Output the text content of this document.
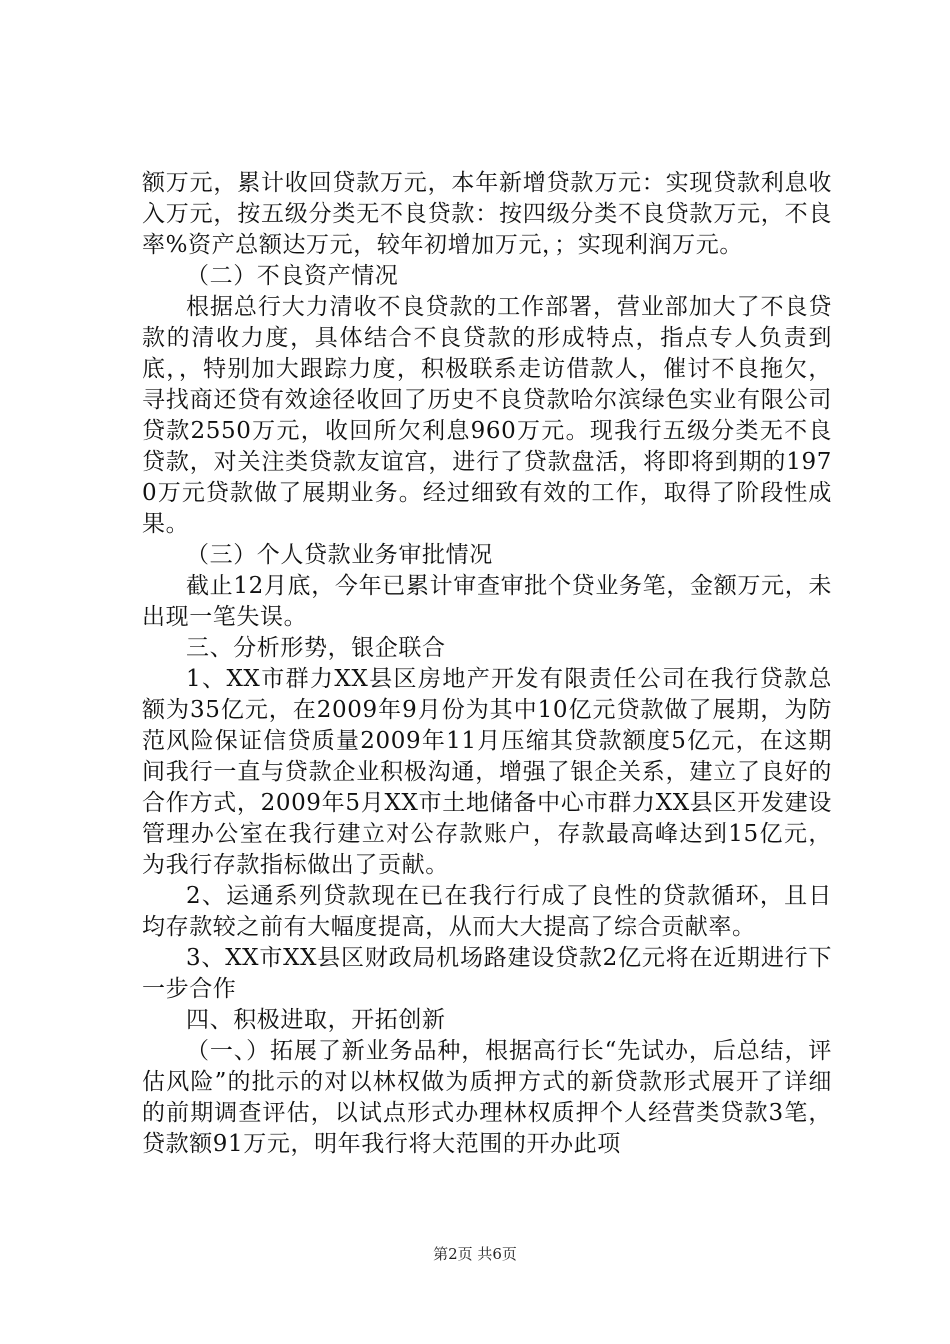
额万元，累计收回贷款万元，本年新增贷款万元：实现贷款利息收入万元，按五级分类无不良贷款：按四级分类不良贷款万元，不良率%资产总额达万元，较年初增加万元，；实现利润万元。

（二）不良资产情况

根据总行大力清收不良贷款的工作部署，营业部加大了不良贷款的清收力度，具体结合不良贷款的形成特点，指点专人负责到底，，特别加大跟踪力度，积极联系走访借款人，催讨不良拖欠，寻找商还贷有效途径收回了历史不良贷款哈尔滨绿色实业有限公司贷款2550万元，收回所欠利息960万元。现我行五级分类无不良贷款，对关注类贷款友谊宫，进行了贷款盘活，将即将到期的1970万元贷款做了展期业务。经过细致有效的工作，取得了阶段性成果。

（三）个人贷款业务审批情况

截止12月底，今年已累计审查审批个贷业务笔，金额万元，未出现一笔失误。

三、分析形势，银企联合

1、XX市群力XX县区房地产开发有限责任公司在我行贷款总额为35亿元，在2009年9月份为其中10亿元贷款做了展期，为防范风险保证信贷质量2009年11月压缩其贷款额度5亿元，在这期间我行一直与贷款企业积极沟通，增强了银企关系，建立了良好的合作方式，2009年5月XX市土地储备中心市群力XX县区开发建设管理办公室在我行建立对公存款账户，存款最高峰达到15亿元，为我行存款指标做出了贡献。

2、运通系列贷款现在已在我行行成了良性的贷款循环，且日均存款较之前有大幅度提高，从而大大提高了综合贡献率。

3、XX市XX县区财政局机场路建设贷款2亿元将在近期进行下一步合作

四、积极进取，开拓创新

（一、）拓展了新业务品种，根据高行长“先试办，后总结，评估风险”的批示的对以林权做为质押方式的新贷款形式展开了详细的前期调查评估，以试点形式办理林权质押个人经营类贷款3笔，贷款额91万元，明年我行将大范围的开办此项

第2页 共6页
